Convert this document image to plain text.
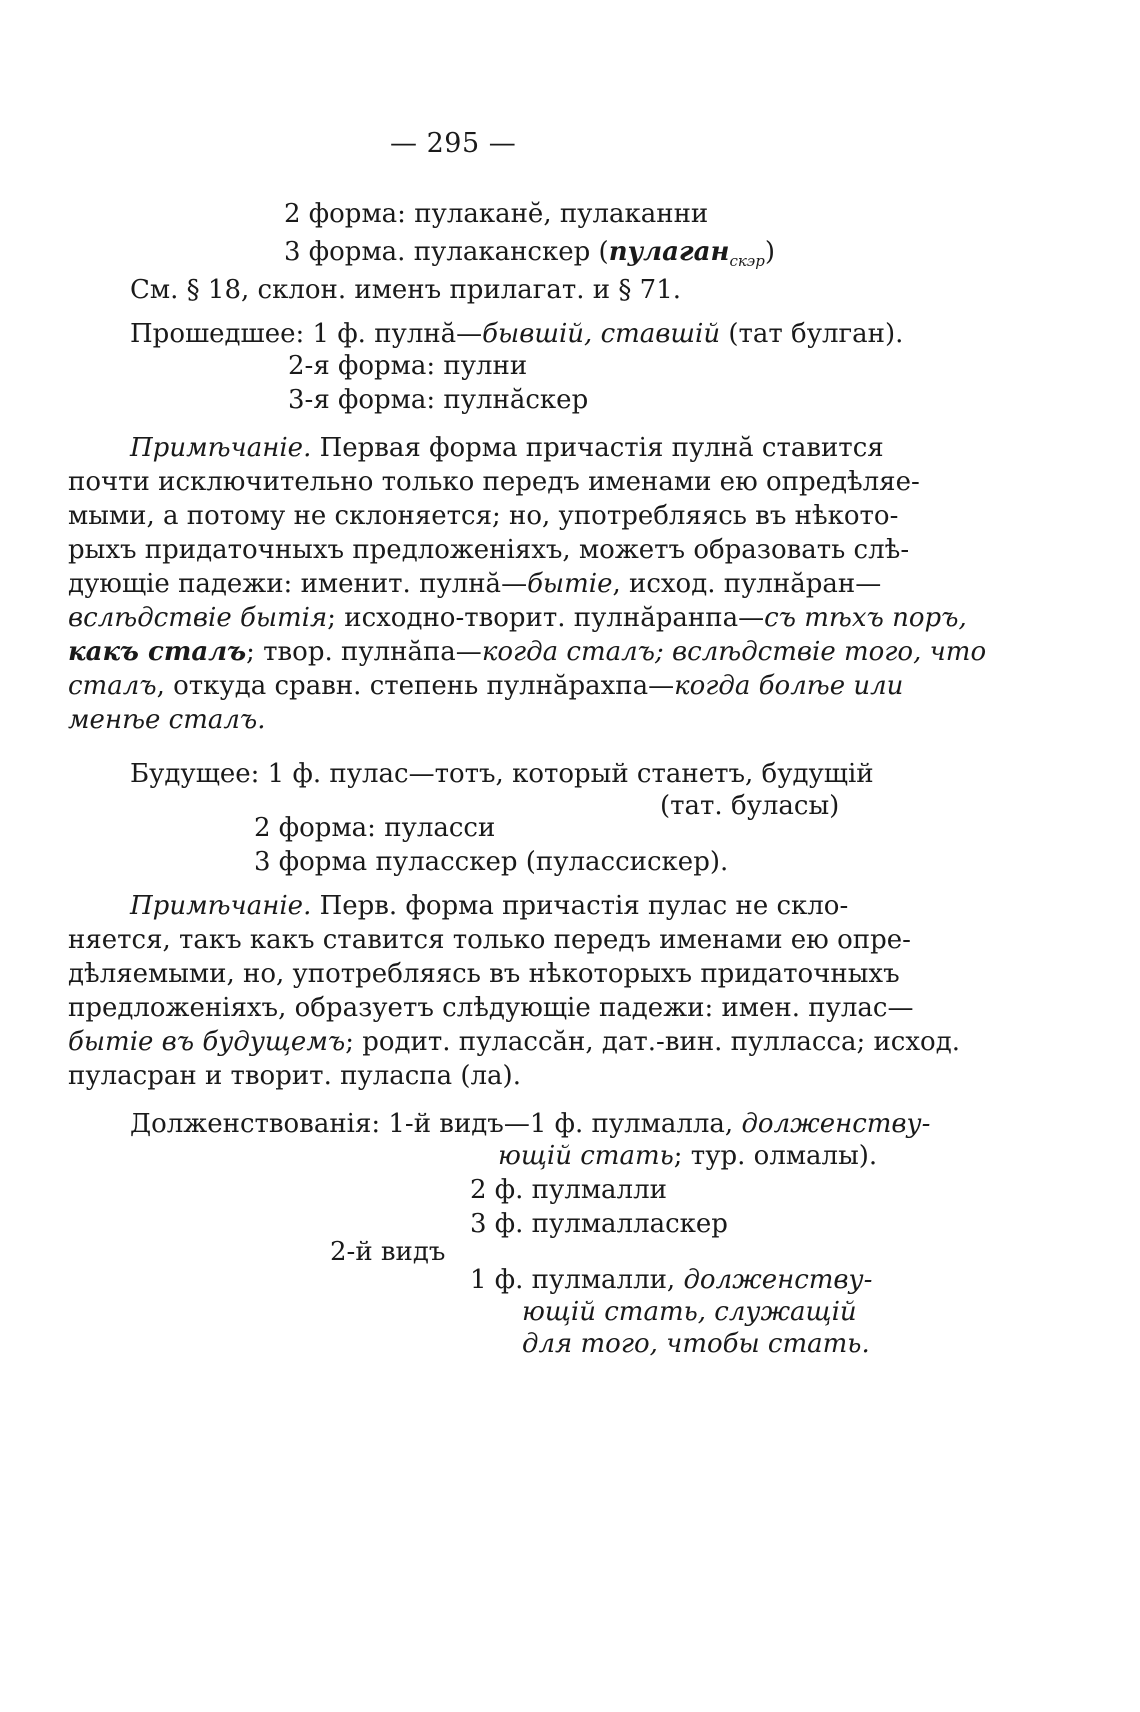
— 295 —
2 форма: пулаканĕ, пулаканни
3 форма. пулаканскер (пулаган$_{скэр}$)
См. § 18, склон. именъ прилагат. и § 71.
Прошедшее: 1 ф. пулнă—бывшій, ставшій (тат булган).
2-я форма: пулни
3-я форма: пулнăскер
Примѣчаніе. Первая форма причастія пулнă ставится
почти исключительно только передъ именами ею опредѣляе-
мыми, а потому не склоняется; но, употребляясь въ нѣкото-
рыхъ придаточныхъ предложеніяхъ, можетъ образовать слѣ-
дующіе падежи: именит. пулнă—бытіе, исход. пулнăран—
вслѣдствіе бытія; исходно-творит. пулнăранпа—съ тѣхъ поръ,
какъ сталъ; твор. пулнăпа—когда сталъ; вслѣдствіе того, что
сталъ, откуда сравн. степень пулнăрахпа—когда болѣе или
менѣе сталъ.
Будущее: 1 ф. пулас—тотъ, который станетъ, будущій
(тат. буласы)
2 форма: пуласси
3 форма пуласскер (пулассискер).
Примѣчаніе. Перв. форма причастія пулас не скло-
няется, такъ какъ ставится только передъ именами ею опре-
дѣляемыми, но, употребляясь въ нѣкоторыхъ придаточныхъ
предложеніяхъ, образуетъ слѣдующіе падежи: имен. пулас—
бытіе въ будущемъ; родит. пуласcăн, дат.-вин. пулласса; исход.
пуласран и творит. пуласпа (ла).
Долженствованія: 1-й видъ—1 ф. пулмалла, долженству-
ющій стать; тур. олмалы).
2 ф. пулмалли
3 ф. пулмалласкер
2-й видъ
1 ф. пулмалли, долженству-
ющій стать, служащій
для того, чтобы стать.
